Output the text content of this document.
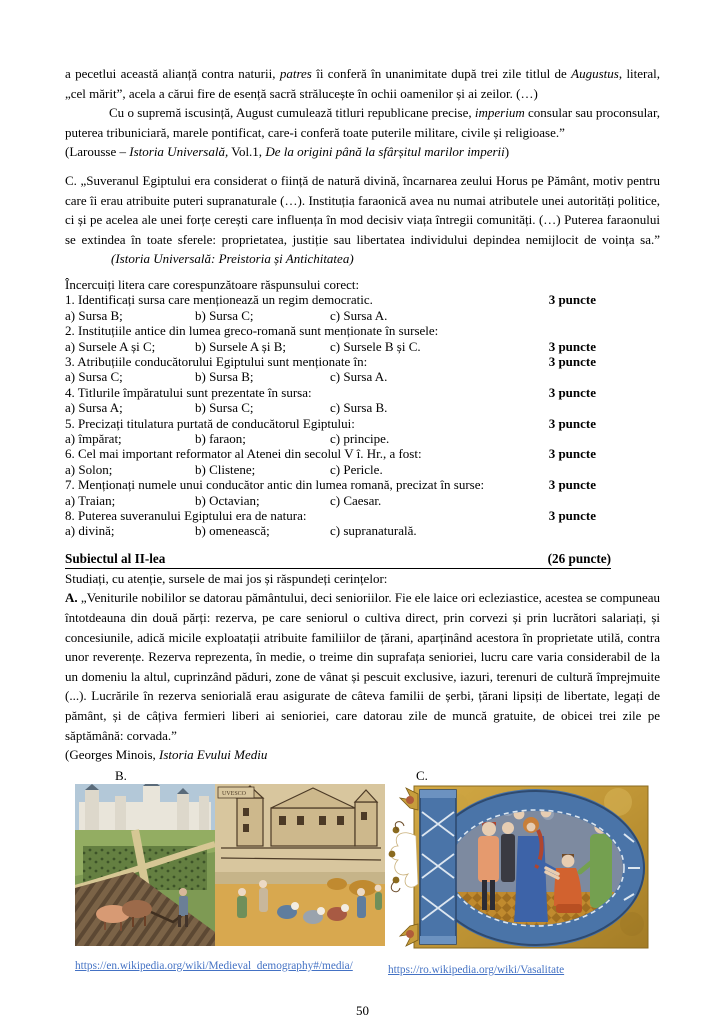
a pecetlui această alianță contra naturii, patres îi conferă în unanimitate după trei zile titlul de Augustus, literal, „cel mărit”, acela a cărui fire de esență sacră strălucește în ochii oamenilor și ai zeilor. (…)

Cu o supremă iscusință, August cumulează titluri republicane precise, imperium consular sau proconsular, puterea tribuniciară, marele pontificat, care-i conferă toate puterile militare, civile și religioase.”

(Larousse – Istoria Universală, Vol.1, De la origini până la sfârșitul marilor imperii)

C. „Suveranul Egiptului era considerat o ființă de natură divină, încarnarea zeului Horus pe Pământ, motiv pentru care îi erau atribuite puteri supranaturale (…). Instituția faraonică avea nu numai atributele unei autorități politice, ci și pe acelea ale unei forțe cerești care influența în mod decisiv viața întregii comunități. (…) Puterea faraonului se extindea în toate sferele: proprietatea, justiție sau libertatea individului depindea nemijlocit de voința sa.”(Istoria Universală: Preistoria și Antichitatea)

Încercuiți litera care corespunzătoare răspunsului corect:
1. Identificați sursa care menționează un regim democratic.	3 puncte
a) Sursa B;	b) Sursa C;	c) Sursa A.
2. Instituțiile antice din lumea greco-romană sunt menționate în sursele:
a) Sursele A și C;	b) Sursele A și B;	c) Sursele B și C.	3 puncte
3. Atribuțiile conducătorului Egiptului sunt menționate în:	3 puncte
a) Sursa C;	b) Sursa B;	c) Sursa A.
4. Titlurile împăratului sunt prezentate în sursa:	3 puncte
a) Sursa A;	b) Sursa C;	c) Sursa B.
5. Precizați titulatura purtată de conducătorul Egiptului:	3 puncte
a) împărat;	b) faraon;	c) principe.
6. Cel mai important reformator al Atenei din secolul V î. Hr., a fost:	3 puncte
a) Solon;	b) Clistene;	c) Pericle.
7. Menționați numele unui conducător antic din lumea romană, precizat în surse:	3 puncte
a) Traian;	b) Octavian;	c) Caesar.
8. Puterea suveranului Egiptului era de natura:	3 puncte
a) divină;	b) omenească;	c) supranaturală.
Subiectul al II-lea	(26 puncte)

Studiați, cu atenție, sursele de mai jos și răspundeți cerințelor:

A. „Veniturile nobililor se datorau pământului, deci senioriilor. Fie ele laice ori ecleziastice, acestea se compuneau întotdeauna din două părți: rezerva, pe care seniorul o cultiva direct, prin corvezi și prin lucrători salariați, și concesiunile, adică micile exploatații atribuite familiilor de țărani, aparținând acestora în proprietate utilă, contra unor reverențe. Rezerva reprezenta, în medie, o treime din suprafața senioriei, lucru care varia considerabil de la un domeniu la altul, cuprinzând păduri, zone de vânat și pescuit exclusive, iazuri, terenuri de cultură împrejmuite (...). Lucrările în rezerva seniorială erau asigurate de câteva familii de șerbi, țărani lipsiți de libertate, legați de pământ, și de câțiva fermieri liberi ai senioriei, care datorau zile de muncă gratuite, de obicei trei zile pe săptămână: corvada.”

(Georges Minois, Istoria Evului Mediu

B.
UVESCO
https://en.wikipedia.org/wiki/Medieval_demography#/media/
C.
https://ro.wikipedia.org/wiki/Vasalitate
50
